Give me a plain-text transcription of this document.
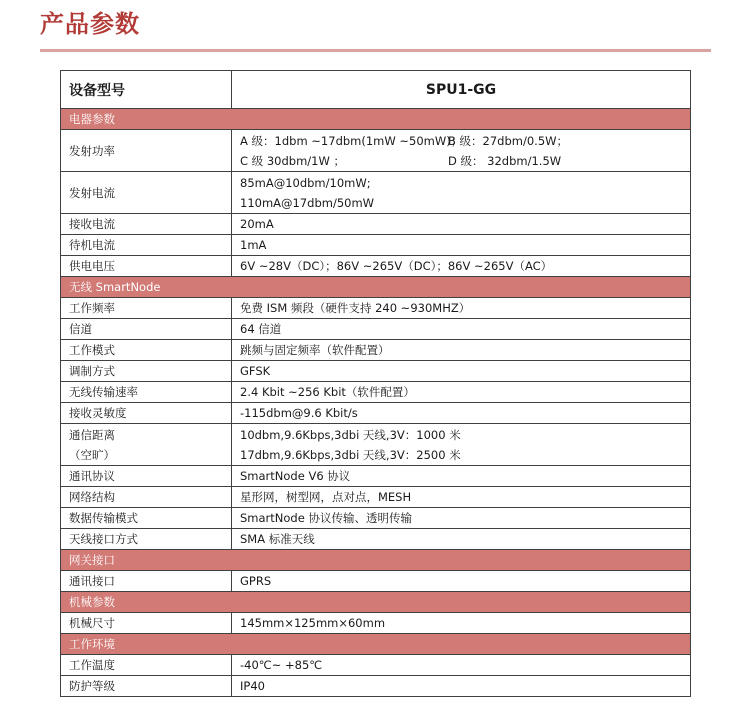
产品参数
设备型号	SPU1-GG
电器参数	
发射功率	A 级：1dbm ~17dbm(1mW ~50mW)；B 级：27dbm/0.5W；
C 级 30dbm/1W ； D 级： 32dbm/1.5W

发射电流	85mA@10dbm/10mW;
110mA@17dbm/50mW

接收电流	20mA
待机电流	1mA
供电电压	6V ~28V（DC）；86V ~265V（DC）；86V ~265V（AC）
无线 SmartNode	
工作频率	免费 ISM 频段（硬件支持 240 ~930MHZ）
信道	64 信道
工作模式	跳频与固定频率（软件配置）
调制方式	GFSK
无线传输速率	2.4 Kbit ~256 Kbit（软件配置）
接收灵敏度	-115dbm@9.6 Kbit/s

通信距离
（空旷）	10dbm,9.6Kbps,3dbi 天线,3V：1000 米
17dbm,9.6Kbps,3dbi 天线,3V：2500 米

通讯协议	SmartNode V6 协议
网络结构	星形网，树型网，点对点，MESH
数据传输模式	SmartNode 协议传输、透明传输
天线接口方式	SMA 标准天线
网关接口	
通讯接口	GPRS
机械参数	
机械尺寸	145mm×125mm×60mm
工作环境	
工作温度	-40℃~ +85℃
防护等级	IP40
